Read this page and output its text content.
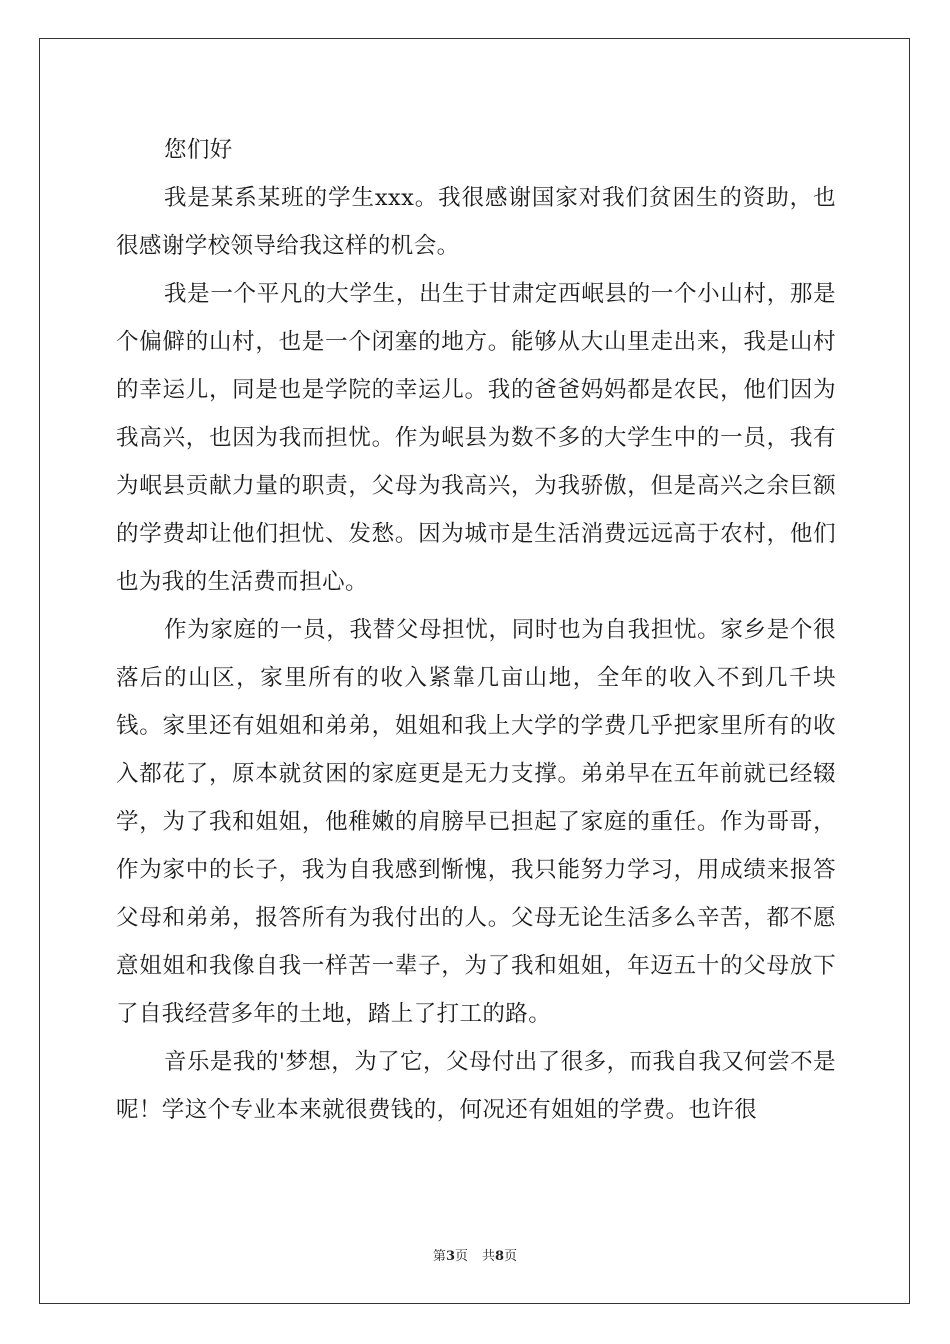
您们好

我是某系某班的学生xxx。我很感谢国家对我们贫困生的资助，也很感谢学校领导给我这样的机会。

我是一个平凡的大学生，出生于甘肃定西岷县的一个小山村，那是个偏僻的山村，也是一个闭塞的地方。能够从大山里走出来，我是山村的幸运儿，同是也是学院的幸运儿。我的爸爸妈妈都是农民，他们因为我高兴，也因为我而担忧。作为岷县为数不多的大学生中的一员，我有为岷县贡献力量的职责，父母为我高兴，为我骄傲，但是高兴之余巨额的学费却让他们担忧、发愁。因为城市是生活消费远远高于农村，他们也为我的生活费而担心。

作为家庭的一员，我替父母担忧，同时也为自我担忧。家乡是个很落后的山区，家里所有的收入紧靠几亩山地，全年的收入不到几千块钱。家里还有姐姐和弟弟，姐姐和我上大学的学费几乎把家里所有的收入都花了，原本就贫困的家庭更是无力支撑。弟弟早在五年前就已经辍学，为了我和姐姐，他稚嫩的肩膀早已担起了家庭的重任。作为哥哥，作为家中的长子，我为自我感到惭愧，我只能努力学习，用成绩来报答父母和弟弟，报答所有为我付出的人。父母无论生活多么辛苦，都不愿意姐姐和我像自我一样苦一辈子，为了我和姐姐，年迈五十的父母放下了自我经营多年的土地，踏上了打工的路。

音乐是我的'梦想，为了它，父母付出了很多，而我自我又何尝不是呢！学这个专业本来就很费钱的，何况还有姐姐的学费。也许很

第3页 共8页
